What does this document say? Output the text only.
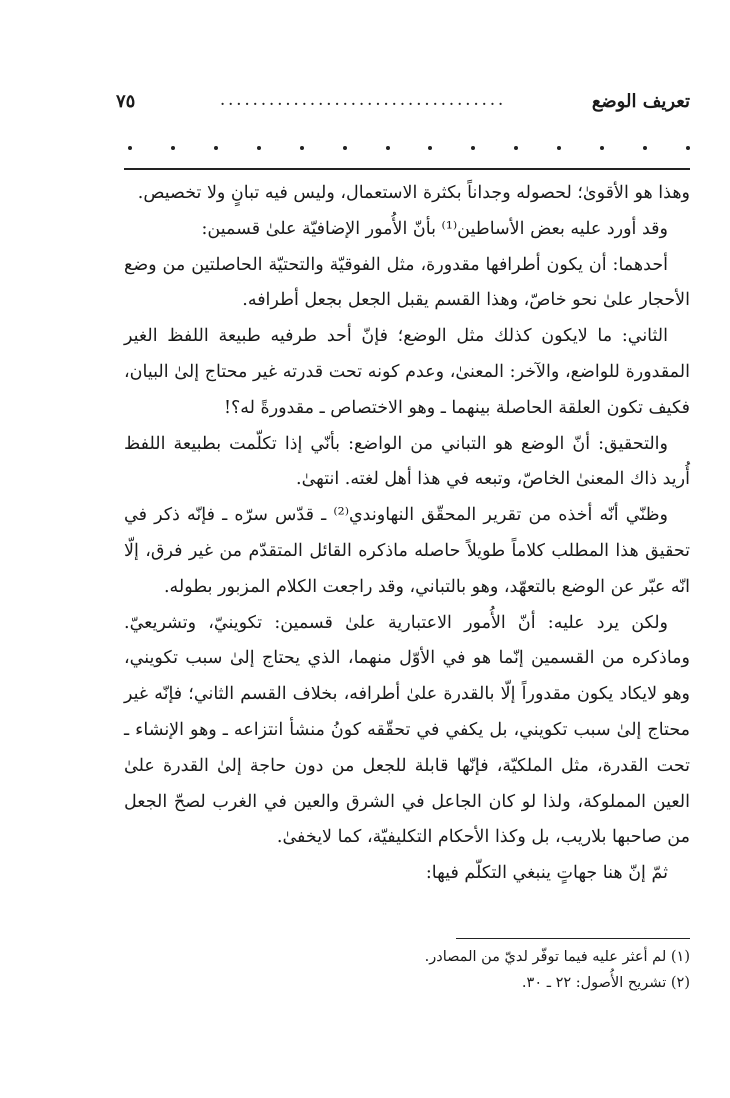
تعريف الوضع
...................................
٧٥

وهذا هو الأقوىٰ؛ لحصوله وجداناً بكثرة الاستعمال، وليس فيه تبانٍ ولا تخصيص.

وقد أورد عليه بعض الأساطين⁽¹⁾ بأنّ الأُمور الإضافيّة علىٰ قسمين:

أحدهما: أن يكون أطرافها مقدورة، مثل الفوقيّة والتحتيّة الحاصلتين من وضع الأحجار علىٰ نحو خاصّ، وهذا القسم يقبل الجعل بجعل أطرافه.

الثاني: ما لايكون كذلك مثل الوضع؛ فإنّ أحد طرفيه طبيعة اللفظ الغير المقدورة للواضع، والآخر: المعنىٰ، وعدم كونه تحت قدرته غير محتاج إلىٰ البيان، فكيف تكون العلقة الحاصلة بينهما ـ وهو الاختصاص ـ مقدورةً له؟!

والتحقيق: أنّ الوضع هو التباني من الواضع: بأنّي إذا تكلّمت بطبيعة اللفظ أُريد ذاك المعنىٰ الخاصّ، وتبعه في هذا أهل لغته. انتهىٰ.

وظنّي أنّه أخذه من تقرير المحقّق النهاوندي⁽²⁾ ـ قدّس سرّه ـ فإنّه ذكر في تحقيق هذا المطلب كلاماً طويلاً حاصله ماذكره القائل المتقدّم من غير فرق، إلّا انّه عبّر عن الوضع بالتعهّد، وهو بالتباني، وقد راجعت الكلام المزبور بطوله.

ولكن يرد عليه: أنّ الأُمور الاعتبارية علىٰ قسمين: تكوينيّ، وتشريعيّ. وماذكره من القسمين إنّما هو في الأوّل منهما، الذي يحتاج إلىٰ سبب تكويني، وهو لايكاد يكون مقدوراً إلّا بالقدرة علىٰ أطرافه، بخلاف القسم الثاني؛ فإنّه غير محتاج إلىٰ سبب تكويني، بل يكفي في تحقّقه كونُ منشأ انتزاعه ـ وهو الإنشاء ـ تحت القدرة، مثل الملكيّة، فإنّها قابلة للجعل من دون حاجة إلىٰ القدرة علىٰ العين المملوكة، ولذا لو كان الجاعل في الشرق والعين في الغرب لصحّ الجعل من صاحبها بلاريب، بل وكذا الأحكام التكليفيّة، كما لايخفىٰ.

ثمّ إنّ هنا جهاتٍ ينبغي التكلّم فيها:

(١) لم أعثر عليه فيما توفّر لديّ من المصادر.

(٢) تشريح الأُصول: ٢٢ ـ ٣٠.
